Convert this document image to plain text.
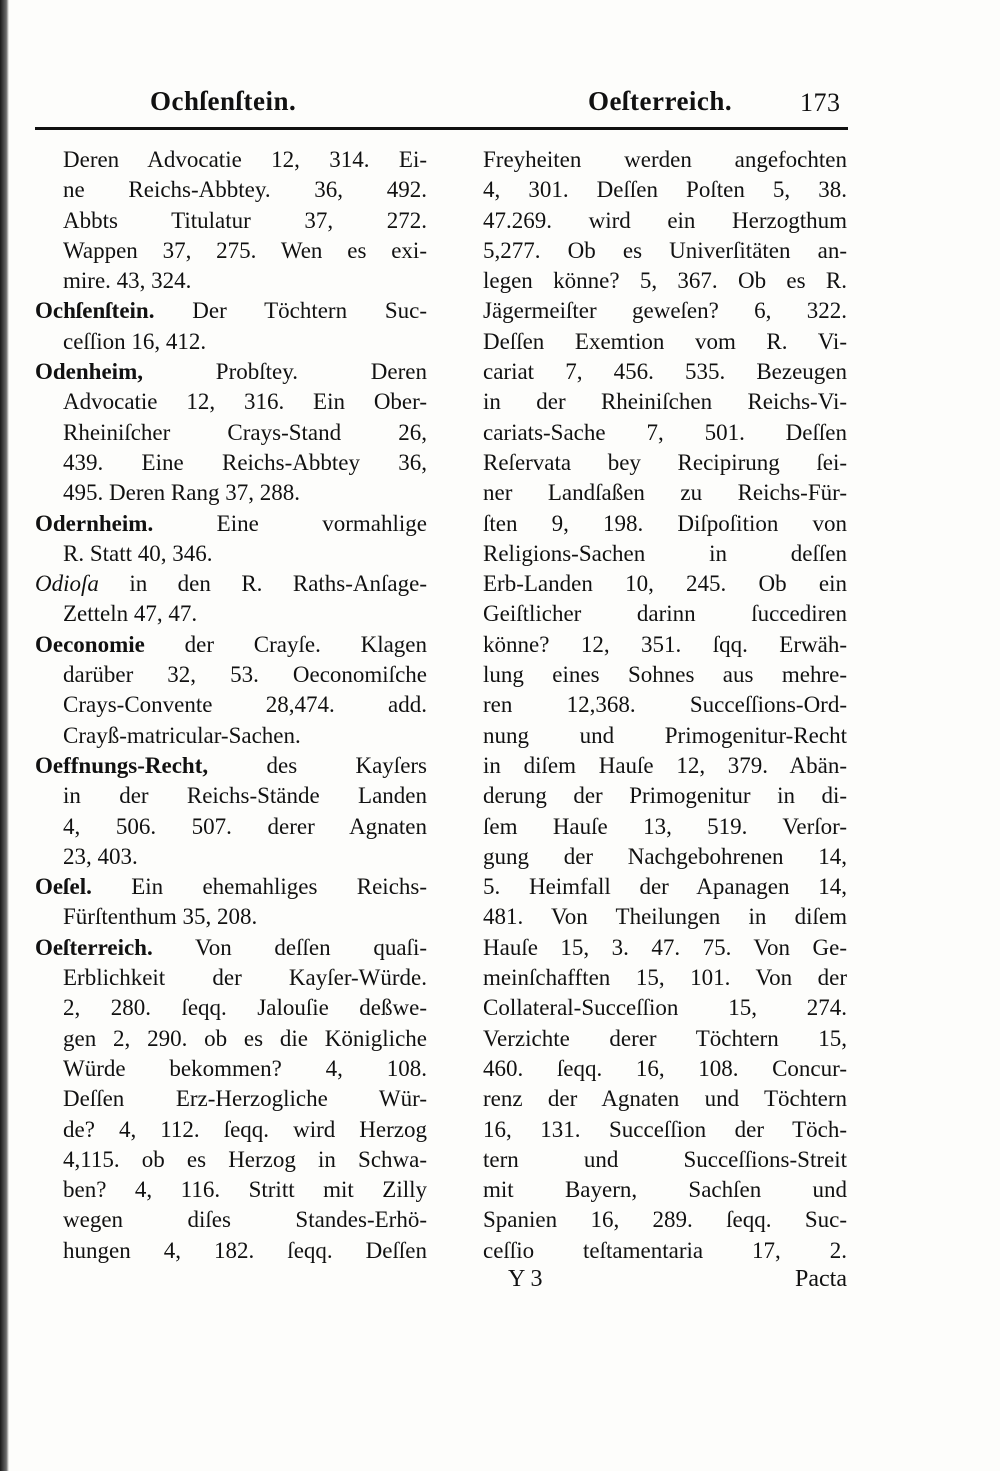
Ochſenſtein.	Oeſterreich.	173
Deren Advocatie 12, 314. Ei-
ne Reichs-Abbtey. 36, 492.
Abbts Titulatur 37, 272.
Wappen 37, 275. Wen es exi-
mire. 43, 324.
Ochſenſtein. Der Töchtern Suc-
ceſſion 16, 412.
Odenheim,	Probſtey. Deren
Advocatie 12, 316. Ein Ober-
Rheiniſcher Crays-Stand 26,
439. Eine Reichs-Abbtey 36,
495. Deren Rang 37, 288.
Odernheim.	Eine vormahlige
R. Statt 40, 346.
Odioſa in den R. Raths-Anſage-
Zetteln 47, 47.
Oeconomie der Crayſe. Klagen
darüber 32, 53. Oeconomiſche
Crays-Convente 28,474. add.
Crayß-matricular-Sachen.
Oeffnungs-Recht,	des Kayſers
in der Reichs-Stände Landen
4, 506. 507. derer Agnaten
23, 403.
Oeſel. Ein ehemahliges Reichs-
Fürſtenthum 35, 208.
Oeſterreich. Von deſſen quaſi-
Erblichkeit der Kayſer-Würde.
2, 280. ſeqq. Jalouſie deßwe-
gen 2, 290. ob es die Königliche
Würde bekommen? 4, 108.
Deſſen Erz-Herzogliche Wür-
de? 4, 112. ſeqq. wird Herzog
4,115. ob es Herzog in Schwa-
ben? 4, 116. Stritt mit Zilly
wegen diſes Standes-Erhö-
hungen 4, 182. ſeqq. Deſſen
Freyheiten werden angefochten
4, 301. Deſſen Poſten 5, 38.
47.269. wird ein Herzogthum
5,277. Ob es Univerſitäten an-
legen könne? 5, 367. Ob es R.
Jägermeiſter geweſen? 6, 322.
Deſſen Exemtion vom R. Vi-
cariat 7, 456. 535. Bezeugen
in der Rheiniſchen Reichs-Vi-
cariats-Sache 7, 501. Deſſen
Reſervata bey Recipirung ſei-
ner Landſaßen zu Reichs-Für-
ſten 9, 198. Diſpoſition von
Religions-Sachen in deſſen
Erb-Landen 10, 245. Ob ein
Geiſtlicher darinn ſuccediren
könne? 12, 351. ſqq. Erwäh-
lung eines Sohnes aus mehre-
ren 12,368. Succeſſions-Ord-
nung und Primogenitur-Recht
in diſem Hauſe 12, 379. Abän-
derung der Primogenitur in di-
ſem Hauſe 13, 519. Verſor-
gung der Nachgebohrenen 14,
5. Heimfall der Apanagen 14,
481. Von Theilungen in diſem
Hauſe 15, 3. 47. 75. Von Ge-
meinſchafften 15, 101. Von der
Collateral-Succeſſion 15, 274.
Verzichte derer Töchtern 15,
460. ſeqq. 16, 108. Concur-
renz der Agnaten und Töchtern
16, 131. Succeſſion der Töch-
tern und Succeſſions-Streit
mit Bayern, Sachſen und
Spanien 16, 289. ſeqq. Suc-
ceſſio teſtamentaria 17, 2.
Y 3	Pacta
